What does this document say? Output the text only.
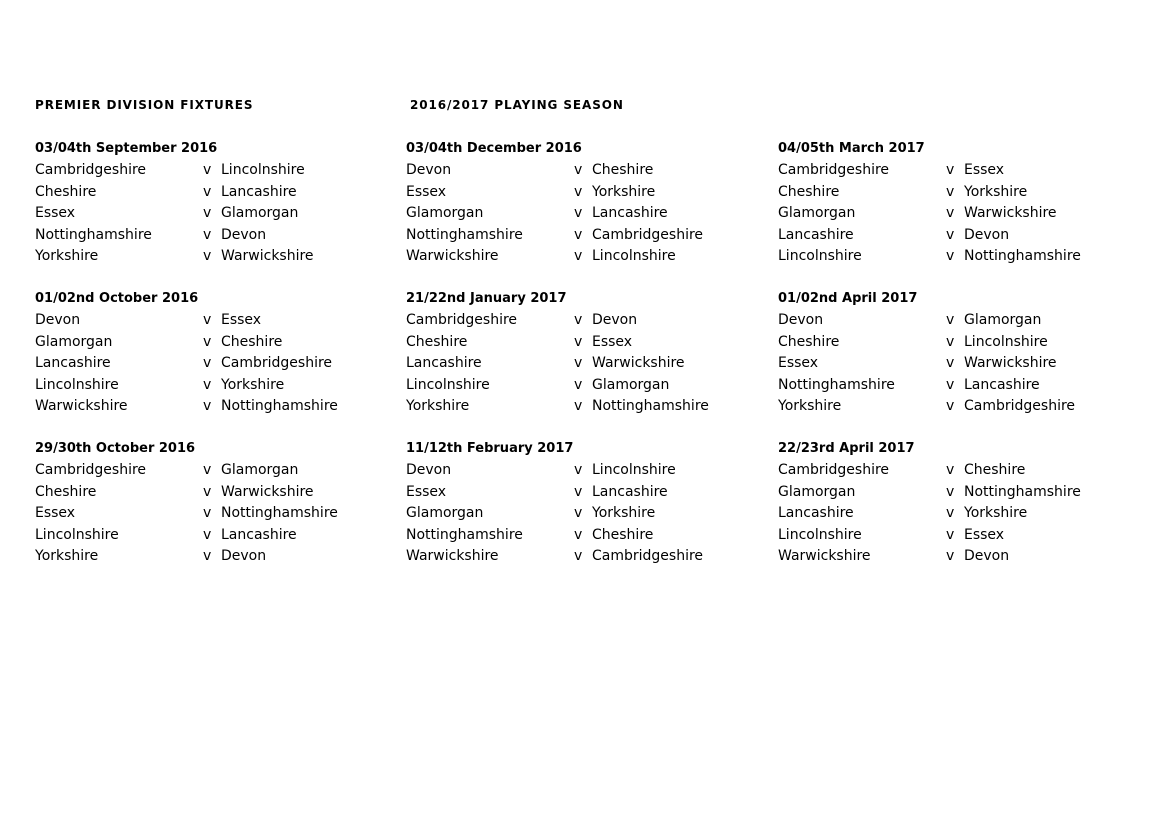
PREMIER DIVISION FIXTURES	2016/2017 PLAYING SEASON
03/04th September 2016
Cambridgeshire	v Lincolnshire
Cheshire	v Lancashire
Essex	v Glamorgan
Nottinghamshire	v Devon
Yorkshire	v Warwickshire
01/02nd October 2016
Devon	v Essex
Glamorgan	v Cheshire
Lancashire	v Cambridgeshire
Lincolnshire	v Yorkshire
Warwickshire	v Nottinghamshire
29/30th October 2016
Cambridgeshire	v Glamorgan
Cheshire	v Warwickshire
Essex	v Nottinghamshire
Lincolnshire	v Lancashire
Yorkshire	v Devon
03/04th December 2016
Devon	v Cheshire
Essex	v Yorkshire
Glamorgan	v Lancashire
Nottinghamshire	v Cambridgeshire
Warwickshire	v Lincolnshire
21/22nd January 2017
Cambridgeshire	v Devon
Cheshire	v Essex
Lancashire	v Warwickshire
Lincolnshire	v Glamorgan
Yorkshire	v Nottinghamshire
11/12th February 2017
Devon	v Lincolnshire
Essex	v Lancashire
Glamorgan	v Yorkshire
Nottinghamshire	v Cheshire
Warwickshire	v Cambridgeshire
04/05th March 2017
Cambridgeshire	v Essex
Cheshire	v Yorkshire
Glamorgan	v Warwickshire
Lancashire	v Devon
Lincolnshire	v Nottinghamshire
01/02nd April 2017
Devon	v Glamorgan
Cheshire	v Lincolnshire
Essex	v Warwickshire
Nottinghamshire	v Lancashire
Yorkshire	v Cambridgeshire
22/23rd April 2017
Cambridgeshire	v Cheshire
Glamorgan	v Nottinghamshire
Lancashire	v Yorkshire
Lincolnshire	v Essex
Warwickshire	v Devon
